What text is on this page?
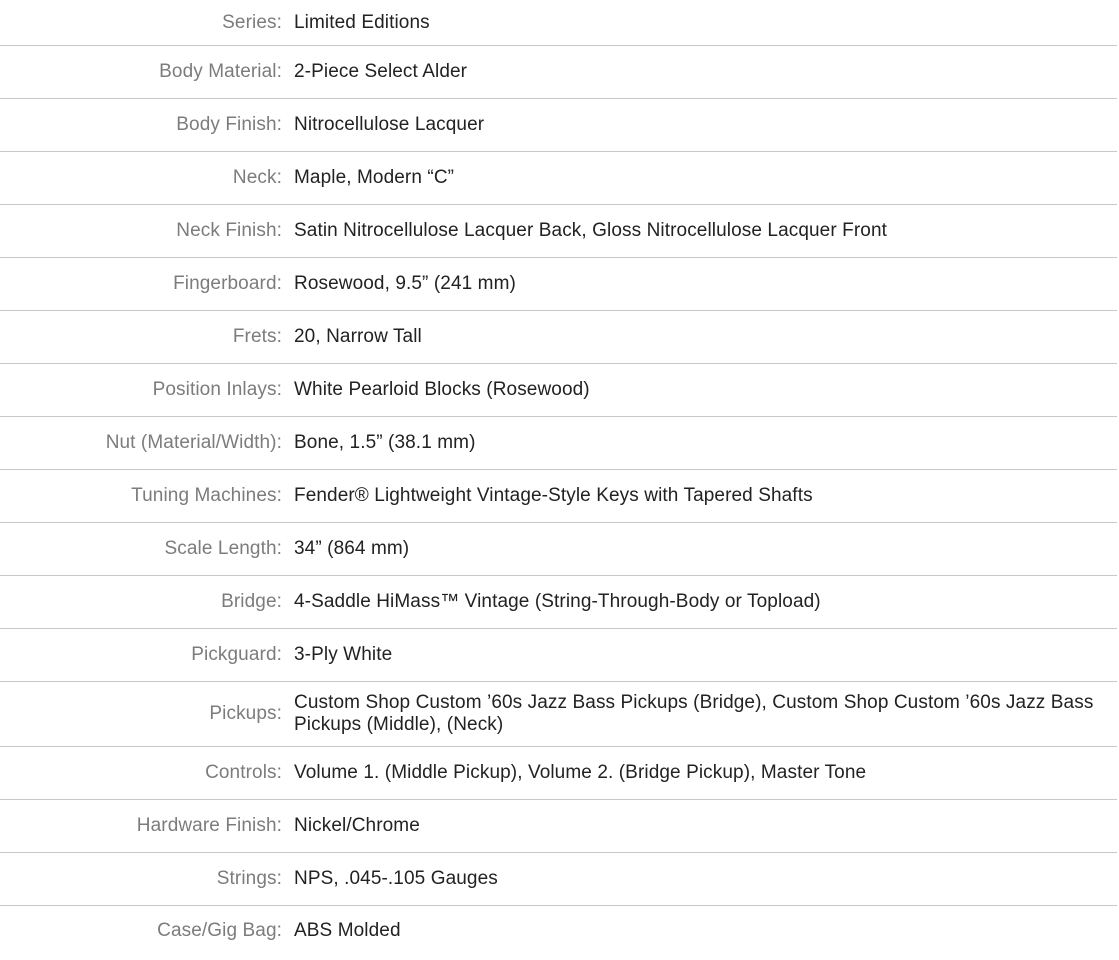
Series:	Limited Editions
Body Material:	2-Piece Select Alder
Body Finish:	Nitrocellulose Lacquer
Neck:	Maple, Modern “C”
Neck Finish:	Satin Nitrocellulose Lacquer Back, Gloss Nitrocellulose Lacquer Front
Fingerboard:	Rosewood, 9.5” (241 mm)
Frets:	20, Narrow Tall
Position Inlays:	White Pearloid Blocks (Rosewood)
Nut (Material/Width):	Bone, 1.5” (38.1 mm)
Tuning Machines:	Fender® Lightweight Vintage-Style Keys with Tapered Shafts
Scale Length:	34” (864 mm)
Bridge:	4-Saddle HiMass™ Vintage (String-Through-Body or Topload)
Pickguard:	3-Ply White
Pickups:	Custom Shop Custom ’60s Jazz Bass Pickups (Bridge), Custom Shop Custom ’60s Jazz Bass Pickups (Middle), (Neck)
Controls:	Volume 1. (Middle Pickup), Volume 2. (Bridge Pickup), Master Tone
Hardware Finish:	Nickel/Chrome
Strings:	NPS, .045-.105 Gauges
Case/Gig Bag:	ABS Molded
